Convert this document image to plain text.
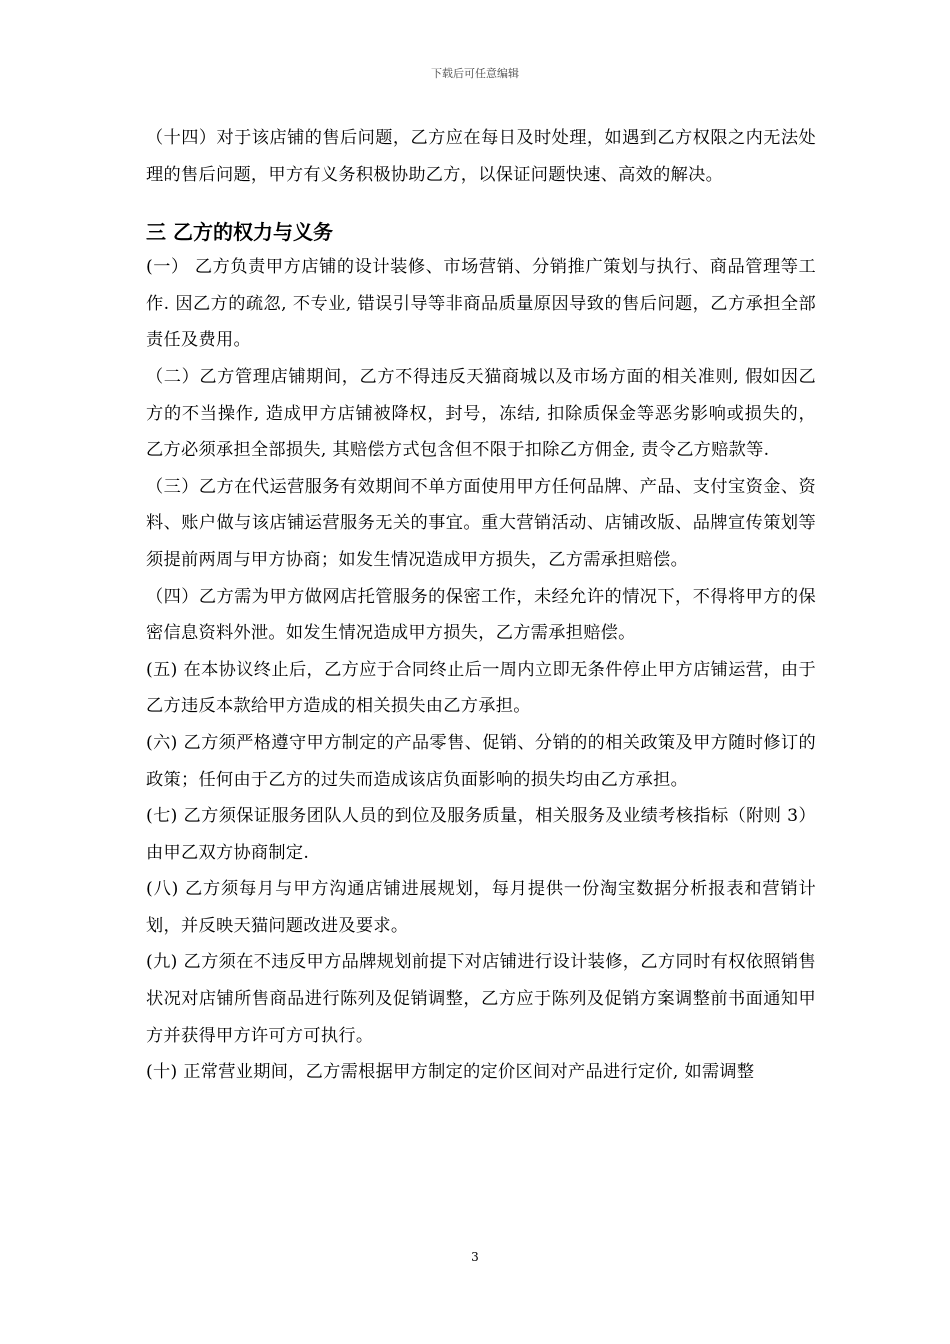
下载后可任意编辑

（十四）对于该店铺的售后问题，乙方应在每日及时处理，如遇到乙方权限之内无法处理的售后问题，甲方有义务积极协助乙方，以保证问题快速、高效的解决。

三 乙方的权力与义务

(一） 乙方负责甲方店铺的设计装修、市场营销、分销推广策划与执行、商品管理等工作. 因乙方的疏忽, 不专业, 错误引导等非商品质量原因导致的售后问题，乙方承担全部责任及费用。

（二）乙方管理店铺期间，乙方不得违反天猫商城以及市场方面的相关准则, 假如因乙方的不当操作, 造成甲方店铺被降权，封号，冻结, 扣除质保金等恶劣影响或损失的，乙方必须承担全部损失, 其赔偿方式包含但不限于扣除乙方佣金, 责令乙方赔款等.

（三）乙方在代运营服务有效期间不单方面使用甲方任何品牌、产品、支付宝资金、资料、账户做与该店铺运营服务无关的事宜。重大营销活动、店铺改版、品牌宣传策划等须提前两周与甲方协商；如发生情况造成甲方损失，乙方需承担赔偿。

（四）乙方需为甲方做网店托管服务的保密工作，未经允许的情况下，不得将甲方的保密信息资料外泄。如发生情况造成甲方损失，乙方需承担赔偿。

(五) 在本协议终止后，乙方应于合同终止后一周内立即无条件停止甲方店铺运营，由于乙方违反本款给甲方造成的相关损失由乙方承担。

(六) 乙方须严格遵守甲方制定的产品零售、促销、分销的的相关政策及甲方随时修订的政策；任何由于乙方的过失而造成该店负面影响的损失均由乙方承担。

(七) 乙方须保证服务团队人员的到位及服务质量，相关服务及业绩考核指标（附则 3）由甲乙双方协商制定.

(八) 乙方须每月与甲方沟通店铺进展规划，每月提供一份淘宝数据分析报表和营销计划，并反映天猫问题改进及要求。

(九) 乙方须在不违反甲方品牌规划前提下对店铺进行设计装修，乙方同时有权依照销售状况对店铺所售商品进行陈列及促销调整，乙方应于陈列及促销方案调整前书面通知甲方并获得甲方许可方可执行。

(十) 正常营业期间，乙方需根据甲方制定的定价区间对产品进行定价, 如需调整

3
